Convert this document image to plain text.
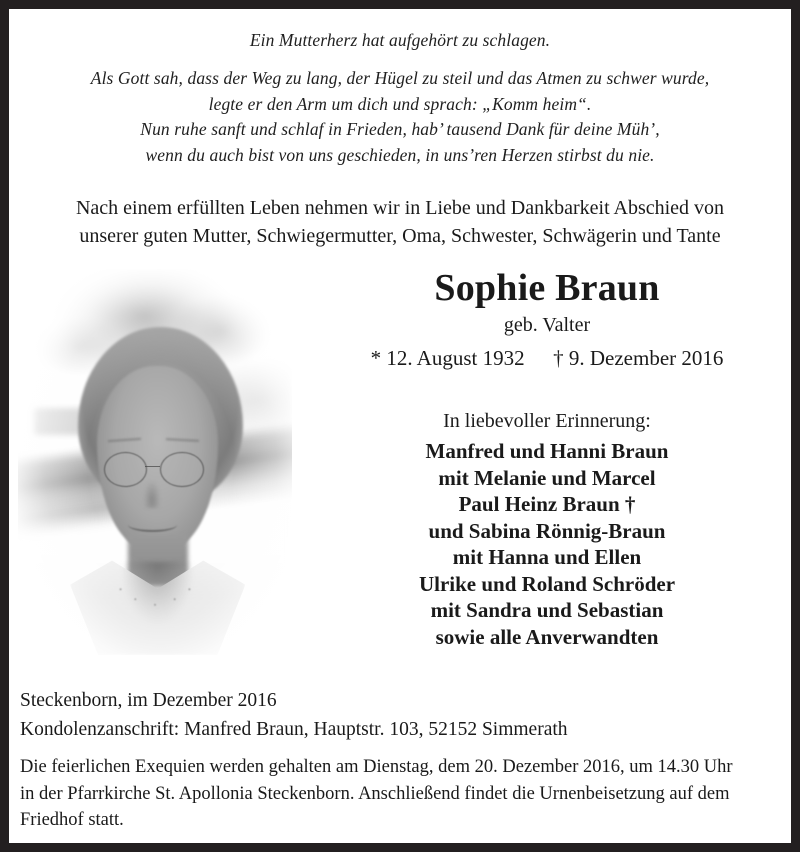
Ein Mutterherz hat aufgehört zu schlagen.
Als Gott sah, dass der Weg zu lang, der Hügel zu steil und das Atmen zu schwer wurde,
legte er den Arm um dich und sprach: „Komm heim“.
Nun ruhe sanft und schlaf in Frieden, hab’ tausend Dank für deine Müh’,
wenn du auch bist von uns geschieden, in uns’ren Herzen stirbst du nie.
Nach einem erfüllten Leben nehmen wir in Liebe und Dankbarkeit Abschied von
unserer guten Mutter, Schwiegermutter, Oma, Schwester, Schwägerin und Tante
Sophie Braun
geb. Valter
* 12. August 1932 † 9. Dezember 2016
In liebevoller Erinnerung:
Manfred und Hanni Braun
mit Melanie und Marcel
Paul Heinz Braun †
und Sabina Rönnig-Braun
mit Hanna und Ellen
Ulrike und Roland Schröder
mit Sandra und Sebastian
sowie alle Anverwandten
Steckenborn, im Dezember 2016
Kondolenzanschrift: Manfred Braun, Hauptstr. 103, 52152 Simmerath
Die feierlichen Exequien werden gehalten am Dienstag, dem 20. Dezember 2016, um 14.30 Uhr
in der Pfarrkirche St. Apollonia Steckenborn. Anschließend findet die Urnenbeisetzung auf dem
Friedhof statt.
